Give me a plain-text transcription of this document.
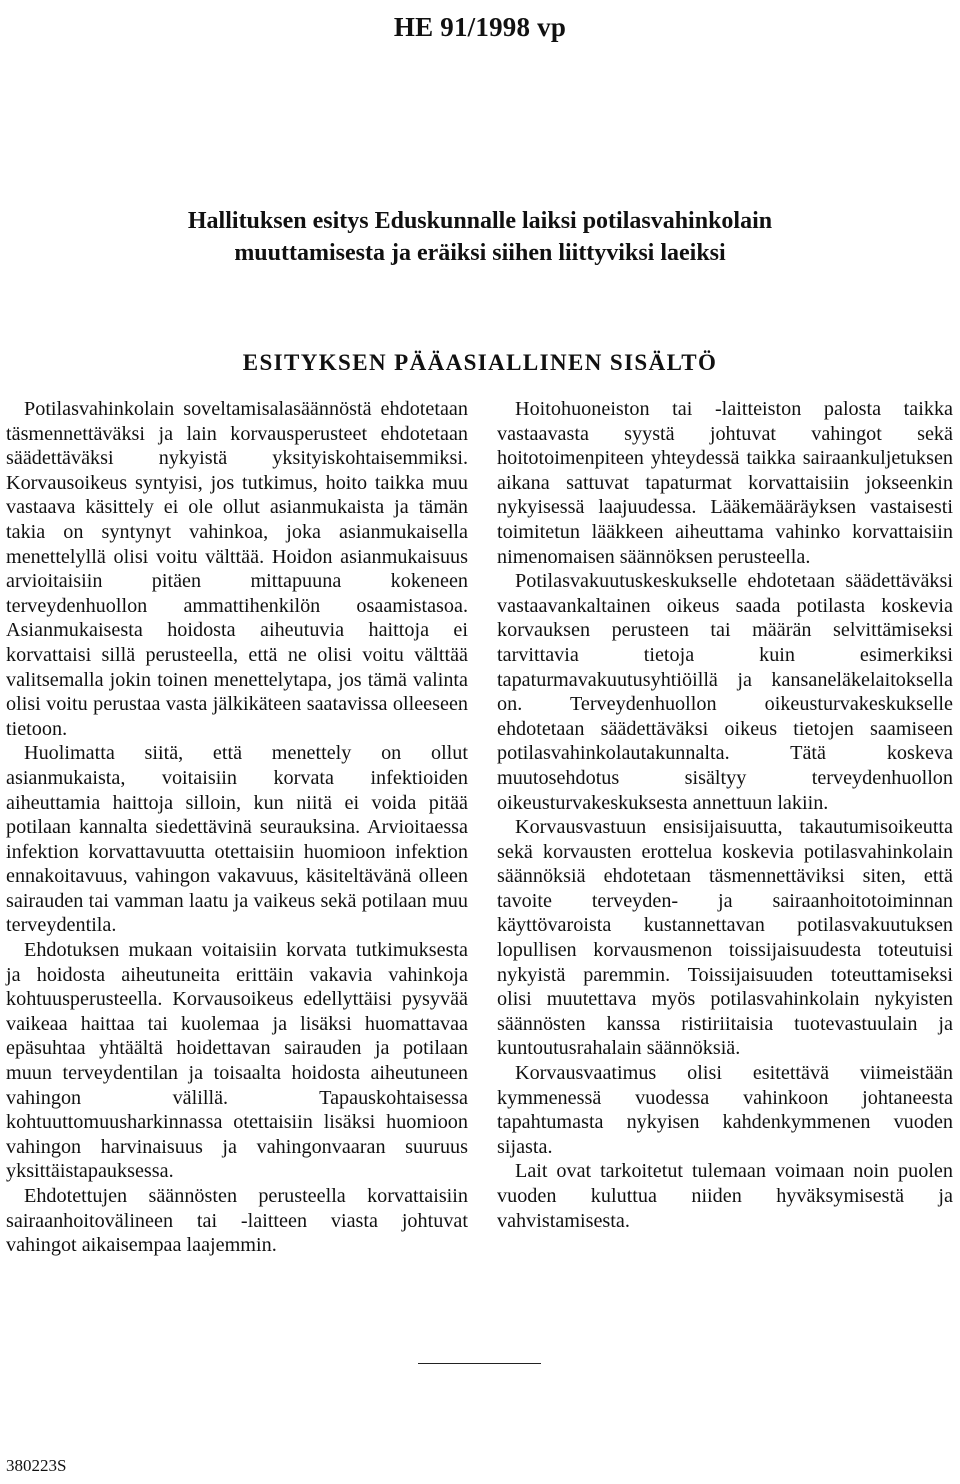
HE 91/1998 vp
Hallituksen esitys Eduskunnalle laiksi potilasvahinkolain
muuttamisesta ja eräiksi siihen liittyviksi laeiksi
ESITYKSEN PÄÄASIALLINEN SISÄLTÖ

Potilasvahinkolain soveltamisalasäännöstä ehdotetaan täsmennettäväksi ja lain korvausperusteet ehdotetaan säädettäväksi nykyistä yksityiskohtaisemmiksi. Korvausoikeus syntyisi, jos tutkimus, hoito taikka muu vastaava käsittely ei ole ollut asianmukaista ja tämän takia on syntynyt vahinkoa, joka asianmukaisella menettelyllä olisi voitu välttää. Hoidon asianmukaisuus arvioitaisiin pitäen mittapuuna kokeneen terveydenhuollon ammattihenkilön osaamistasoa. Asianmukaisesta hoidosta aiheutuvia haittoja ei korvattaisi sillä perusteella, että ne olisi voitu välttää valitsemalla jokin toinen menettelytapa, jos tämä valinta olisi voitu perustaa vasta jälkikäteen saatavissa olleeseen tietoon.

Huolimatta siitä, että menettely on ollut asianmukaista, voitaisiin korvata infektioiden aiheuttamia haittoja silloin, kun niitä ei voida pitää potilaan kannalta siedettävinä seurauksina. Arvioitaessa infektion korvattavuutta otettaisiin huomioon infektion ennakoitavuus, vahingon vakavuus, käsiteltävänä olleen sairauden tai vamman laatu ja vaikeus sekä potilaan muu terveydentila.

Ehdotuksen mukaan voitaisiin korvata tutkimuksesta ja hoidosta aiheutuneita erittäin vakavia vahinkoja kohtuusperusteella. Korvausoikeus edellyttäisi pysyvää vaikeaa haittaa tai kuolemaa ja lisäksi huomattavaa epäsuhtaa yhtäältä hoidettavan sairauden ja potilaan muun terveydentilan ja toisaalta hoidosta aiheutuneen vahingon välillä. Tapauskohtaisessa kohtuuttomuusharkinnassa otettaisiin lisäksi huomioon vahingon harvinaisuus ja vahingonvaaran suuruus yksittäistapauksessa.

Ehdotettujen säännösten perusteella korvattaisiin sairaanhoitovälineen tai -laitteen viasta johtuvat vahingot aikaisempaa laajemmin.

Hoitohuoneiston tai -laitteiston palosta taikka vastaavasta syystä johtuvat vahingot sekä hoitotoimenpiteen yhteydessä taikka sairaankuljetuksen aikana sattuvat tapaturmat korvattaisiin jokseenkin nykyisessä laajuudessa. Lääkemääräyksen vastaisesti toimitetun lääkkeen aiheuttama vahinko korvattaisiin nimenomaisen säännöksen perusteella.

Potilasvakuutuskeskukselle ehdotetaan säädettäväksi vastaavankaltainen oikeus saada potilasta koskevia korvauksen perusteen tai määrän selvittämiseksi tarvittavia tietoja kuin esimerkiksi tapaturmavakuutusyhtiöillä ja kansaneläkelaitoksella on. Terveydenhuollon oikeusturvakeskukselle ehdotetaan säädettäväksi oikeus tietojen saamiseen potilasvahinkolautakunnalta. Tätä koskeva muutosehdotus sisältyy terveydenhuollon oikeusturvakeskuksesta annettuun lakiin.

Korvausvastuun ensisijaisuutta, takautumisoikeutta sekä korvausten erottelua koskevia potilasvahinkolain säännöksiä ehdotetaan täsmennettäviksi siten, että tavoite terveyden- ja sairaanhoitotoiminnan käyttövaroista kustannettavan potilasvakuutuksen lopullisen korvausmenon toissijaisuudesta toteutuisi nykyistä paremmin. Toissijaisuuden toteuttamiseksi olisi muutettava myös potilasvahinkolain nykyisten säännösten kanssa ristiriitaisia tuotevastuulain ja kuntoutusrahalain säännöksiä.

Korvausvaatimus olisi esitettävä viimeistään kymmenessä vuodessa vahinkoon johtaneesta tapahtumasta nykyisen kahdenkymmenen vuoden sijasta.

Lait ovat tarkoitetut tulemaan voimaan noin puolen vuoden kuluttua niiden hyväksymisestä ja vahvistamisesta.

380223S
